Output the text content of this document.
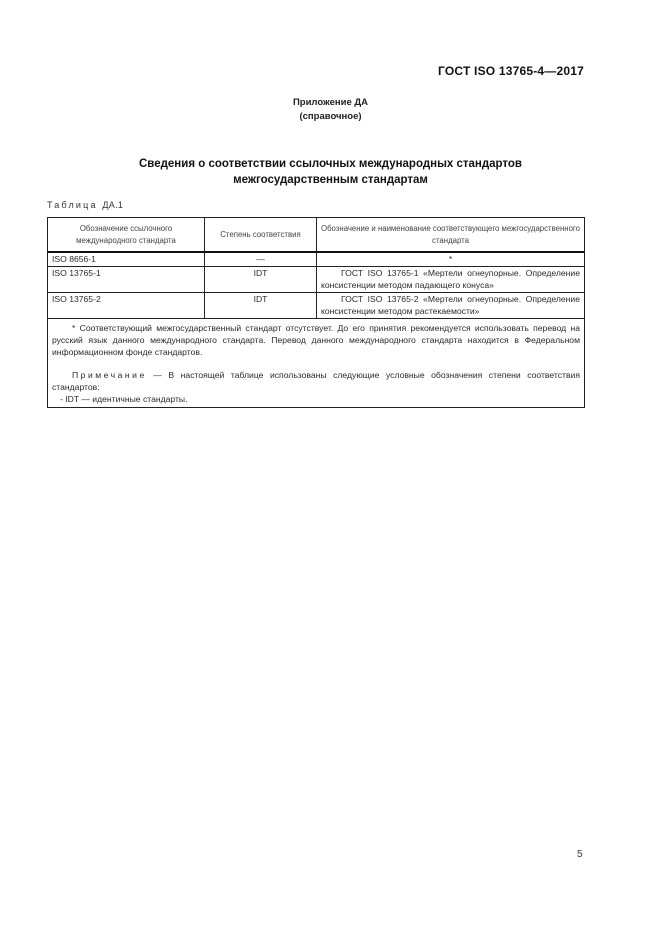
ГОСТ ISO 13765-4—2017
Приложение ДА
(справочное)
Сведения о соответствии ссылочных международных стандартов
межгосударственным стандартам
Таблица ДА.1
Обозначение ссылочного международного стандарта	Степень соответствия	Обозначение и наименование соответствующего межгосударственного стандарта
ISO 8656-1	—	*
ISO 13765-1	IDT	ГОСТ ISO 13765-1 «Мертели огнеупорные. Определение консистенции методом падающего конуса»
ISO 13765-2	IDT	ГОСТ ISO 13765-2 «Мертели огнеупорные. Определение консистенции методом растекаемости»

* Соответствующий межгосударственный стандарт отсутствует. До его принятия рекомендуется использовать перевод на русский язык данного международного стандарта. Перевод данного международного стандарта находится в Федеральном информационном фонде стандартов.

Примечание — В настоящей таблице использованы следующие условные обозначения степени соответствия стандартов:

- IDT — идентичные стандарты.		

5
